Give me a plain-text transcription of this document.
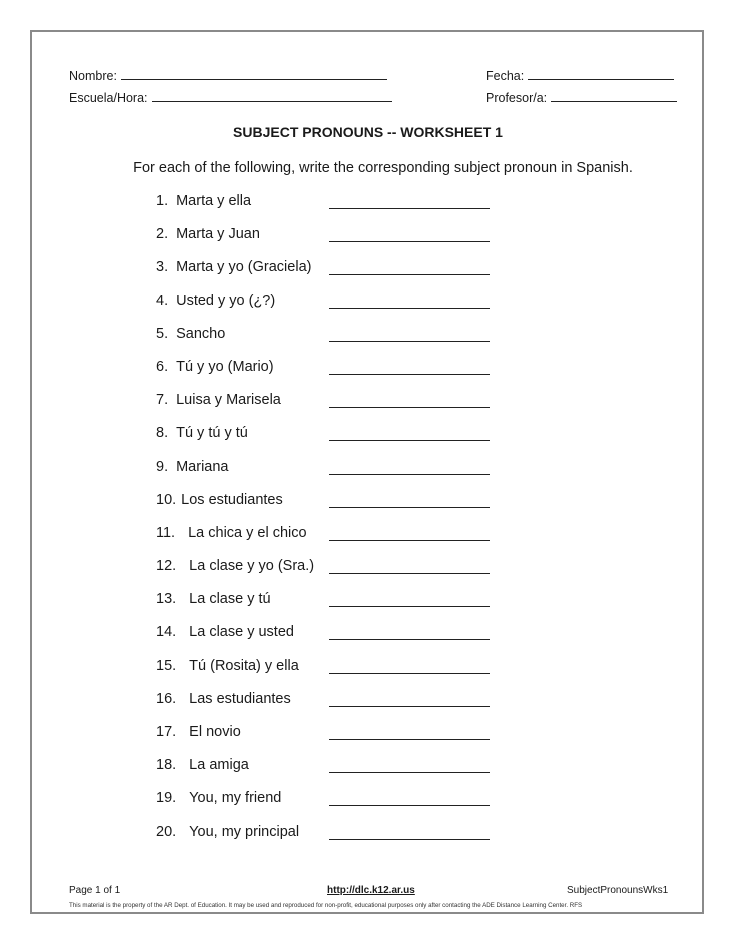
Nombre:
Escuela/Hora:
Fecha:
Profesor/a:
SUBJECT PRONOUNS -- WORKSHEET 1
For each of the following, write the corresponding subject pronoun in Spanish.
1. Marta y ella
2. Marta y Juan
3. Marta y yo (Graciela)
4. Usted y yo (¿?)
5. Sancho
6. Tú y yo (Mario)
7. Luisa y Marisela
8. Tú y tú y tú
9. Mariana
10. Los estudiantes
11. La chica y el chico
12. La clase y yo (Sra.)
13. La clase y tú
14. La clase y usted
15. Tú (Rosita) y ella
16. Las estudiantes
17. El novio
18. La amiga
19. You, my friend
20. You, my principal
Page 1 of 1	http://dlc.k12.ar.us	SubjectPronounsWks1
This material is the property of the AR Dept. of Education. It may be used and reproduced for non-profit, educational purposes only after contacting the ADE Distance Learning Center. RFS
